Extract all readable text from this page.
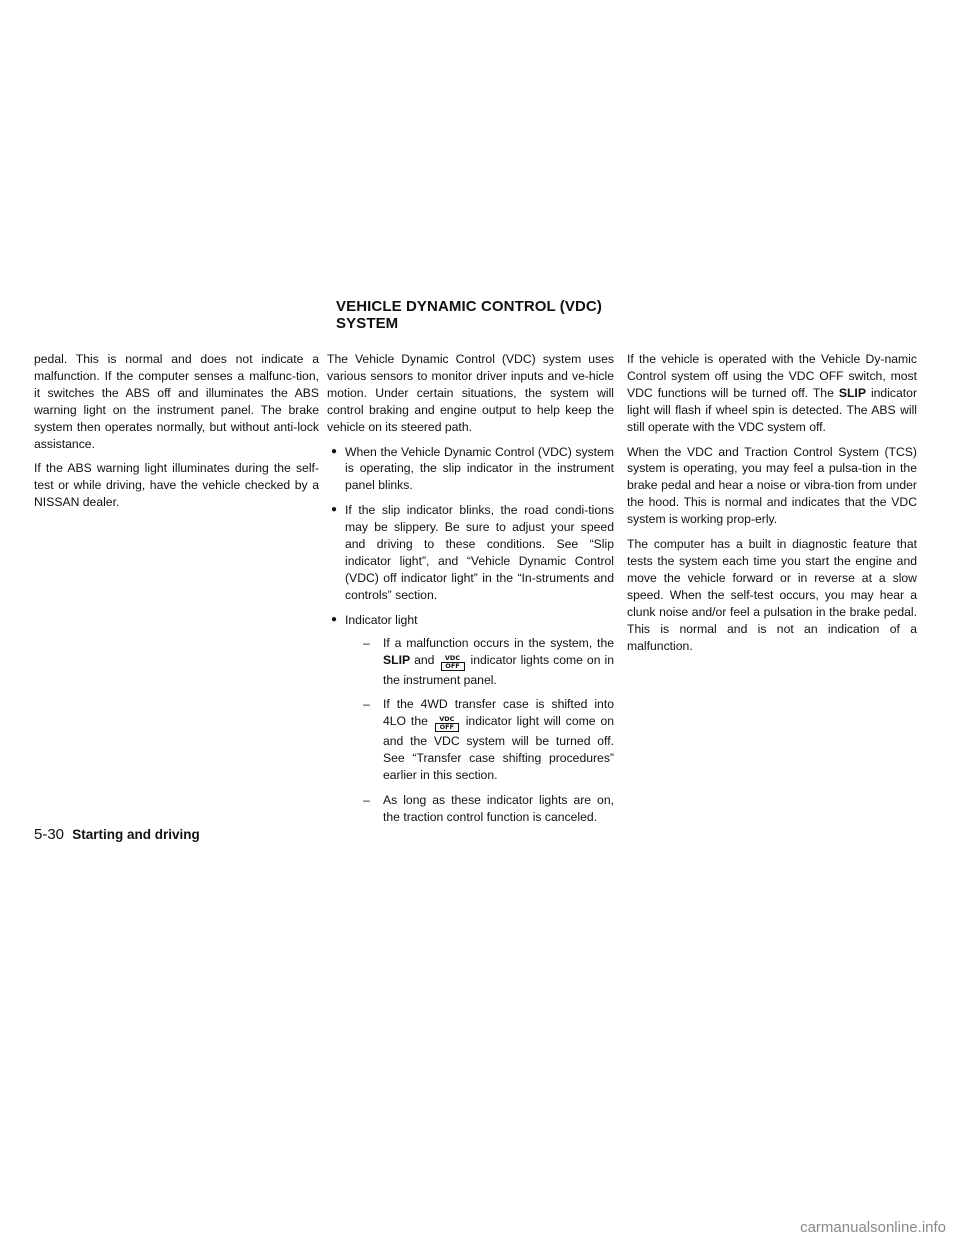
VEHICLE DYNAMIC CONTROL (VDC)
SYSTEM

pedal. This is normal and does not indicate a malfunction. If the computer senses a malfunc-tion, it switches the ABS off and illuminates the ABS warning light on the instrument panel. The brake system then operates normally, but without anti-lock assistance.

If the ABS warning light illuminates during the self-test or while driving, have the vehicle checked by a NISSAN dealer.

The Vehicle Dynamic Control (VDC) system uses various sensors to monitor driver inputs and ve-hicle motion. Under certain situations, the system will control braking and engine output to help keep the vehicle on its steered path.

● When the Vehicle Dynamic Control (VDC) system is operating, the slip indicator in the instrument panel blinks.
● If the slip indicator blinks, the road condi-tions may be slippery. Be sure to adjust your speed and driving to these conditions. See “Slip indicator light”, and “Vehicle Dynamic Control (VDC) off indicator light” in the “In-struments and controls” section.
● Indicator light
– If a malfunction occurs in the system, the SLIP and VDC
OFF indicator lights come on in the instrument panel.
– If the 4WD transfer case is shifted into 4LO the VDC
OFF indicator light will come on and the VDC system will be turned off. See “Transfer case shifting procedures” earlier in this section.
– As long as these indicator lights are on, the traction control function is canceled.

If the vehicle is operated with the Vehicle Dy-namic Control system off using the VDC OFF switch, most VDC functions will be turned off. The SLIP indicator light will flash if wheel spin is detected. The ABS will still operate with the VDC system off.

When the VDC and Traction Control System (TCS) system is operating, you may feel a pulsa-tion in the brake pedal and hear a noise or vibra-tion from under the hood. This is normal and indicates that the VDC system is working prop-erly.

The computer has a built in diagnostic feature that tests the system each time you start the engine and move the vehicle forward or in reverse at a slow speed. When the self-test occurs, you may hear a clunk noise and/or feel a pulsation in the brake pedal. This is normal and is not an indication of a malfunction.

5-30 Starting and driving
carmanualsonline.info
